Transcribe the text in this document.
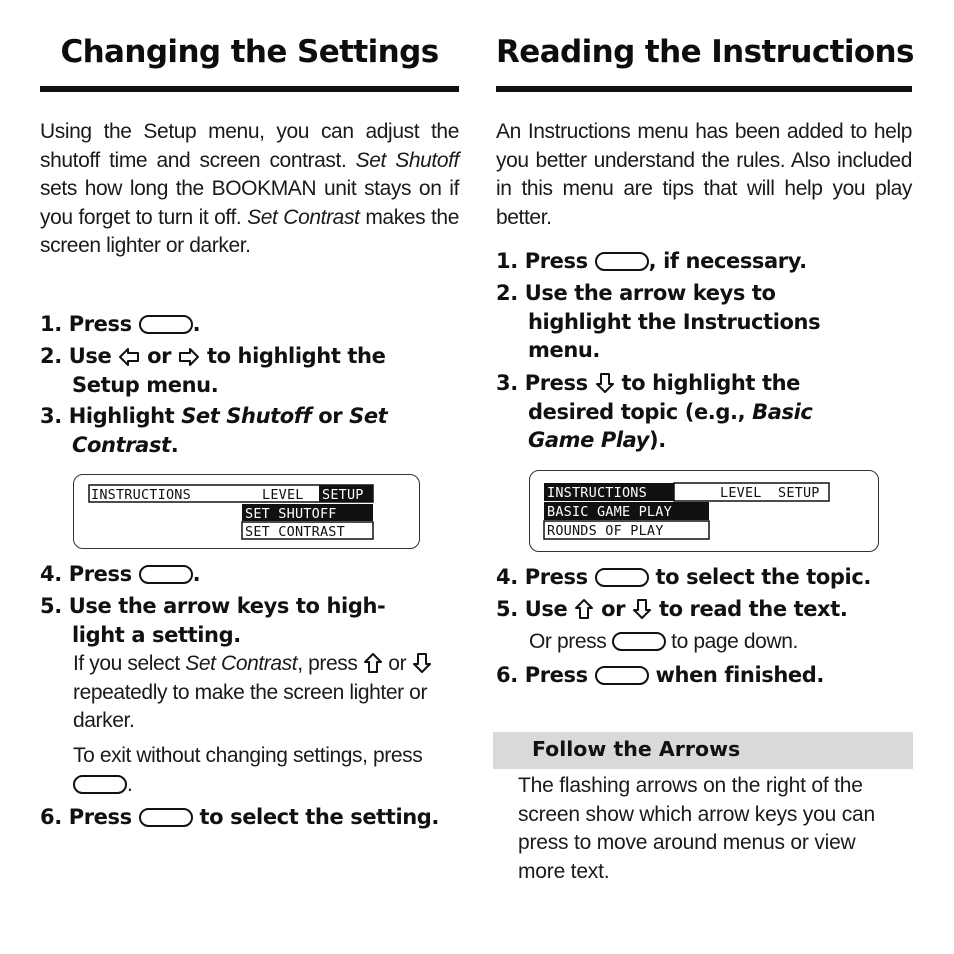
Changing the Settings

Using the Setup menu, you can adjust the shutoff time and screen contrast. Set Shutoff sets how long the BOOKMAN unit stays on if you forget to turn it off. Set Contrast makes the screen lighter or darker.

1. Press	.

2. Use  or  to highlight the Setup menu.

3. Highlight Set Shutoff or Set Contrast.

INSTRUCTIONS	LEVEL SETUP
SET SHUTOFF
SET CONTRAST

4. Press	.

5. Use the arrow keys to high-light a setting.

If you select Set Contrast, press  or  repeatedly to make the screen lighter or darker.

To exit without changing settings, press .

6. Press	to select the setting.

Reading the Instructions

An Instructions menu has been added to help you better understand the rules. Also included in this menu are tips that will help you play better.

1. Press	, if necessary.

2. Use the arrow keys to highlight the Instructions menu.

3. Press  to highlight the desired topic (e.g., Basic Game Play).

INSTRUCTIONS	LEVEL SETUP
BASIC GAME PLAY
ROUNDS OF PLAY

4. Press	to select the topic.

5. Use  or  to read the text.

Or press	to page down.

6. Press	when finished.

Follow the Arrows

The flashing arrows on the right of the screen show which arrow keys you can press to move around menus or view more text.
